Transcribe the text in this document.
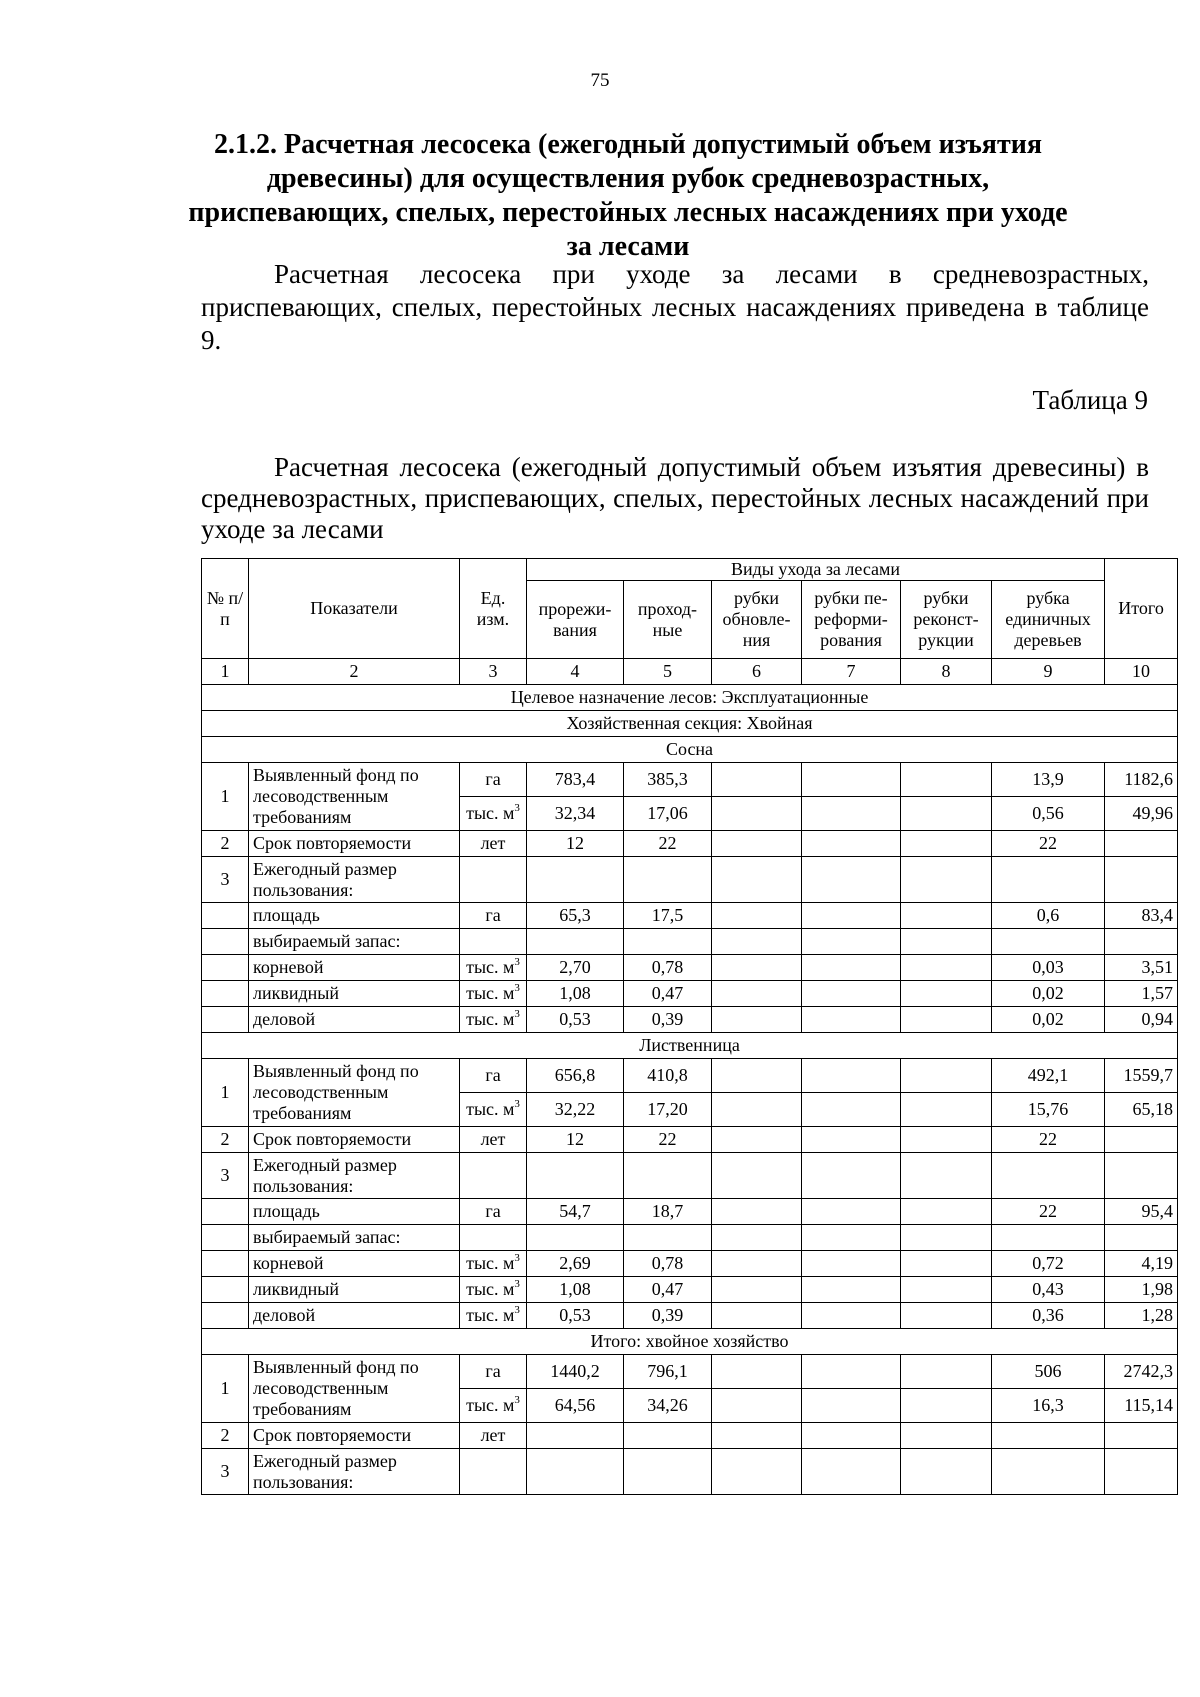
75

2.1.2. Расчетная лесосека (ежегодный допустимый объем изъятия древесины) для осуществления рубок средневозрастных, приспевающих, спелых, перестойных лесных насаждениях при уходе за лесами

Расчетная лесосека при уходе за лесами в средневозрастных, приспевающих, спелых, перестойных лесных насаждениях приведена в таблице 9.

Таблица 9

Расчетная лесосека (ежегодный допустимый объем изъятия древесины) в средневозрастных, приспевающих, спелых, перестойных лесных насаждений при уходе за лесами

№ п/п	Показатели	Ед. изм.	Виды ухода за лесами						Итого
			прорежи-вания	проход-ные	рубки обновле-ния	рубки пе-реформи-рования	рубки реконст-рукции	рубка единичных деревьев	
1	2	3	4	5	6	7	8	9	10
Целевое назначение лесов: Эксплуатационные									
Хозяйственная секция: Хвойная									
Сосна									
1	Выявленный фонд по лесоводственным требованиям	га	783,4	385,3				13,9	1182,6
		тыс. $м^3$	32,34	17,06				0,56	49,96
2	Срок повторяемости	лет	12	22				22	
3	Ежегодный размер пользования:								
	площадь	га	65,3	17,5				0,6	83,4
	выбираемый запас:								
	корневой	тыс. $м^3$	2,70	0,78				0,03	3,51
	ликвидный	тыс. $м^3$	1,08	0,47				0,02	1,57
	деловой	тыс. $м^3$	0,53	0,39				0,02	0,94
Лиственница									
1	Выявленный фонд по лесоводственным требованиям	га	656,8	410,8				492,1	1559,7
		тыс. $м^3$	32,22	17,20				15,76	65,18
2	Срок повторяемости	лет	12	22				22	
3	Ежегодный размер пользования:								
	площадь	га	54,7	18,7				22	95,4
	выбираемый запас:								
	корневой	тыс. $м^3$	2,69	0,78				0,72	4,19
	ликвидный	тыс. $м^3$	1,08	0,47				0,43	1,98
	деловой	тыс. $м^3$	0,53	0,39				0,36	1,28
Итого: хвойное хозяйство									
1	Выявленный фонд по лесоводственным требованиям	га	1440,2	796,1				506	2742,3
		тыс. $м^3$	64,56	34,26				16,3	115,14
2	Срок повторяемости	лет							
3	Ежегодный размер пользования:								
